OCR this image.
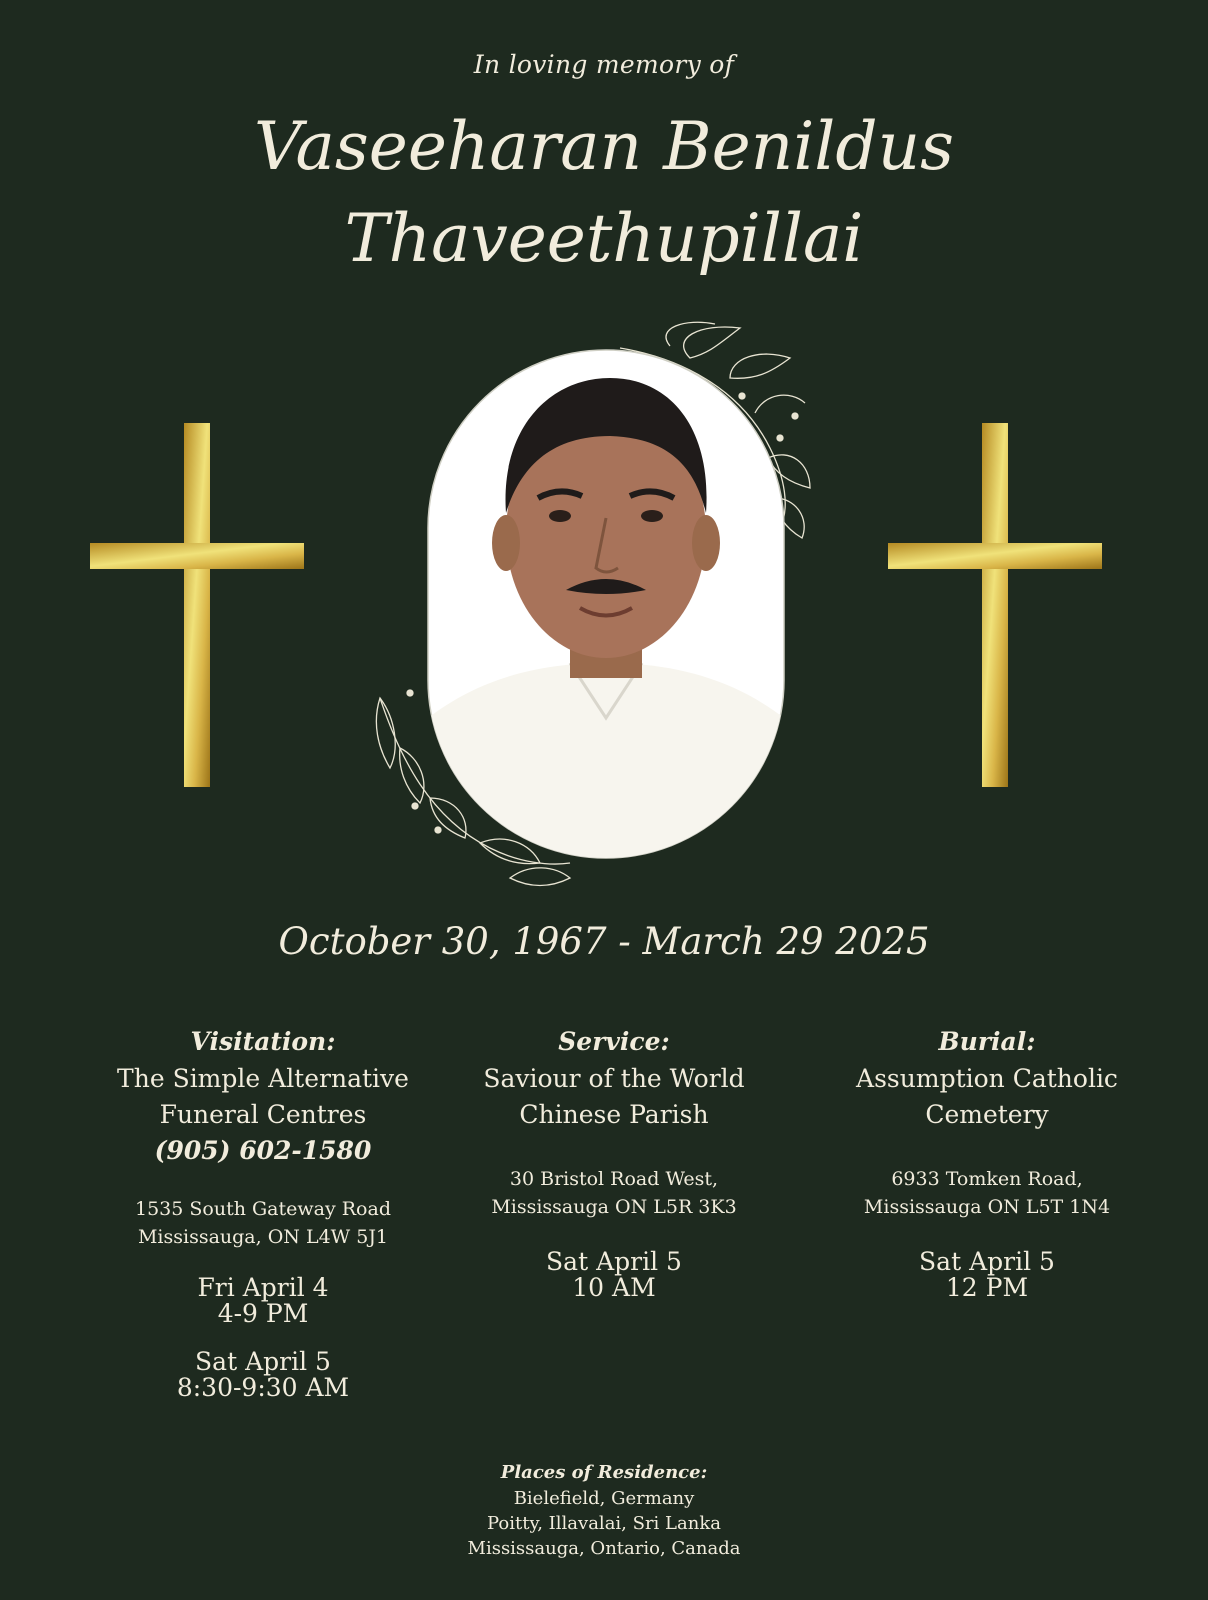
In loving memory of
Vaseeharan Benildus
Thaveethupillai
October 30, 1967 - March 29 2025
Visitation:
The Simple Alternative
Funeral Centres
(905) 602-1580
1535 South Gateway Road
Mississauga, ON L4W 5J1
Fri April 4
4-9 PM
Sat April 5
8:30-9:30 AM
Service:
Saviour of the World
Chinese Parish
30 Bristol Road West,
Mississauga ON L5R 3K3
Sat April 5
10 AM
Burial:
Assumption Catholic
Cemetery
6933 Tomken Road,
Mississauga ON L5T 1N4
Sat April 5
12 PM
Places of Residence:
Bielefield, Germany
Poitty, Illavalai, Sri Lanka
Mississauga, Ontario, Canada
